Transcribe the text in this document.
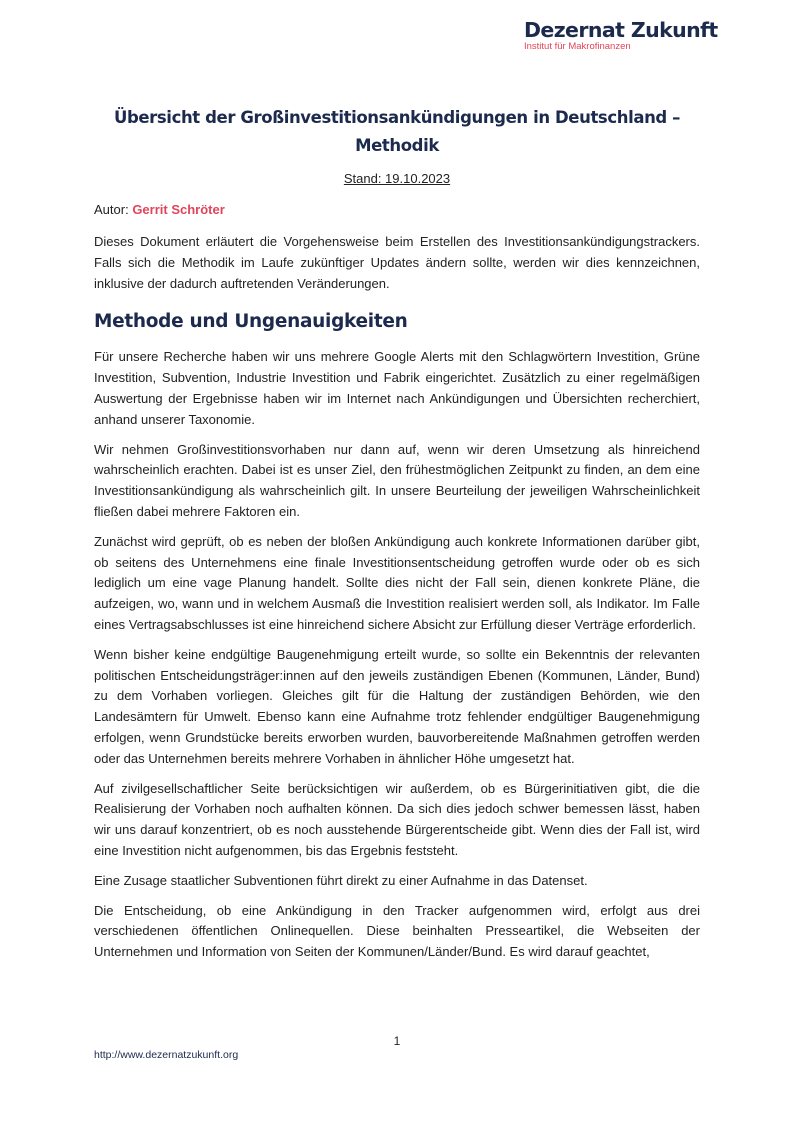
Dezernat Zukunft
Institut für Makrofinanzen
Übersicht der Großinvestitionsankündigungen in Deutschland – Methodik
Stand: 19.10.2023
Autor: Gerrit Schröter

Dieses Dokument erläutert die Vorgehensweise beim Erstellen des Investitionsankündigungstrackers. Falls sich die Methodik im Laufe zukünftiger Updates ändern sollte, werden wir dies kennzeichnen, inklusive der dadurch auftretenden Veränderungen.

Methode und Ungenauigkeiten

Für unsere Recherche haben wir uns mehrere Google Alerts mit den Schlagwörtern Investition, Grüne Investition, Subvention, Industrie Investition und Fabrik eingerichtet. Zusätzlich zu einer regelmäßigen Auswertung der Ergebnisse haben wir im Internet nach Ankündigungen und Übersichten recherchiert, anhand unserer Taxonomie.

Wir nehmen Großinvestitionsvorhaben nur dann auf, wenn wir deren Umsetzung als hinreichend wahrscheinlich erachten. Dabei ist es unser Ziel, den frühestmöglichen Zeitpunkt zu finden, an dem eine Investitionsankündigung als wahrscheinlich gilt. In unsere Beurteilung der jeweiligen Wahrscheinlichkeit fließen dabei mehrere Faktoren ein.

Zunächst wird geprüft, ob es neben der bloßen Ankündigung auch konkrete Informationen darüber gibt, ob seitens des Unternehmens eine finale Investitionsentscheidung getroffen wurde oder ob es sich lediglich um eine vage Planung handelt. Sollte dies nicht der Fall sein, dienen konkrete Pläne, die aufzeigen, wo, wann und in welchem Ausmaß die Investition realisiert werden soll, als Indikator. Im Falle eines Vertragsabschlusses ist eine hinreichend sichere Absicht zur Erfüllung dieser Verträge erforderlich.

Wenn bisher keine endgültige Baugenehmigung erteilt wurde, so sollte ein Bekenntnis der relevanten politischen Entscheidungsträger:innen auf den jeweils zuständigen Ebenen (Kommunen, Länder, Bund) zu dem Vorhaben vorliegen. Gleiches gilt für die Haltung der zuständigen Behörden, wie den Landesämtern für Umwelt. Ebenso kann eine Aufnahme trotz fehlender endgültiger Baugenehmigung erfolgen, wenn Grundstücke bereits erworben wurden, bauvorbereitende Maßnahmen getroffen werden oder das Unternehmen bereits mehrere Vorhaben in ähnlicher Höhe umgesetzt hat.

Auf zivilgesellschaftlicher Seite berücksichtigen wir außerdem, ob es Bürgerinitiativen gibt, die die Realisierung der Vorhaben noch aufhalten können. Da sich dies jedoch schwer bemessen lässt, haben wir uns darauf konzentriert, ob es noch ausstehende Bürgerentscheide gibt. Wenn dies der Fall ist, wird eine Investition nicht aufgenommen, bis das Ergebnis feststeht.

Eine Zusage staatlicher Subventionen führt direkt zu einer Aufnahme in das Datenset.

Die Entscheidung, ob eine Ankündigung in den Tracker aufgenommen wird, erfolgt aus drei verschiedenen öffentlichen Onlinequellen. Diese beinhalten Presseartikel, die Webseiten der Unternehmen und Information von Seiten der Kommunen/Länder/Bund. Es wird darauf geachtet,

1
http://www.dezernatzukunft.org
